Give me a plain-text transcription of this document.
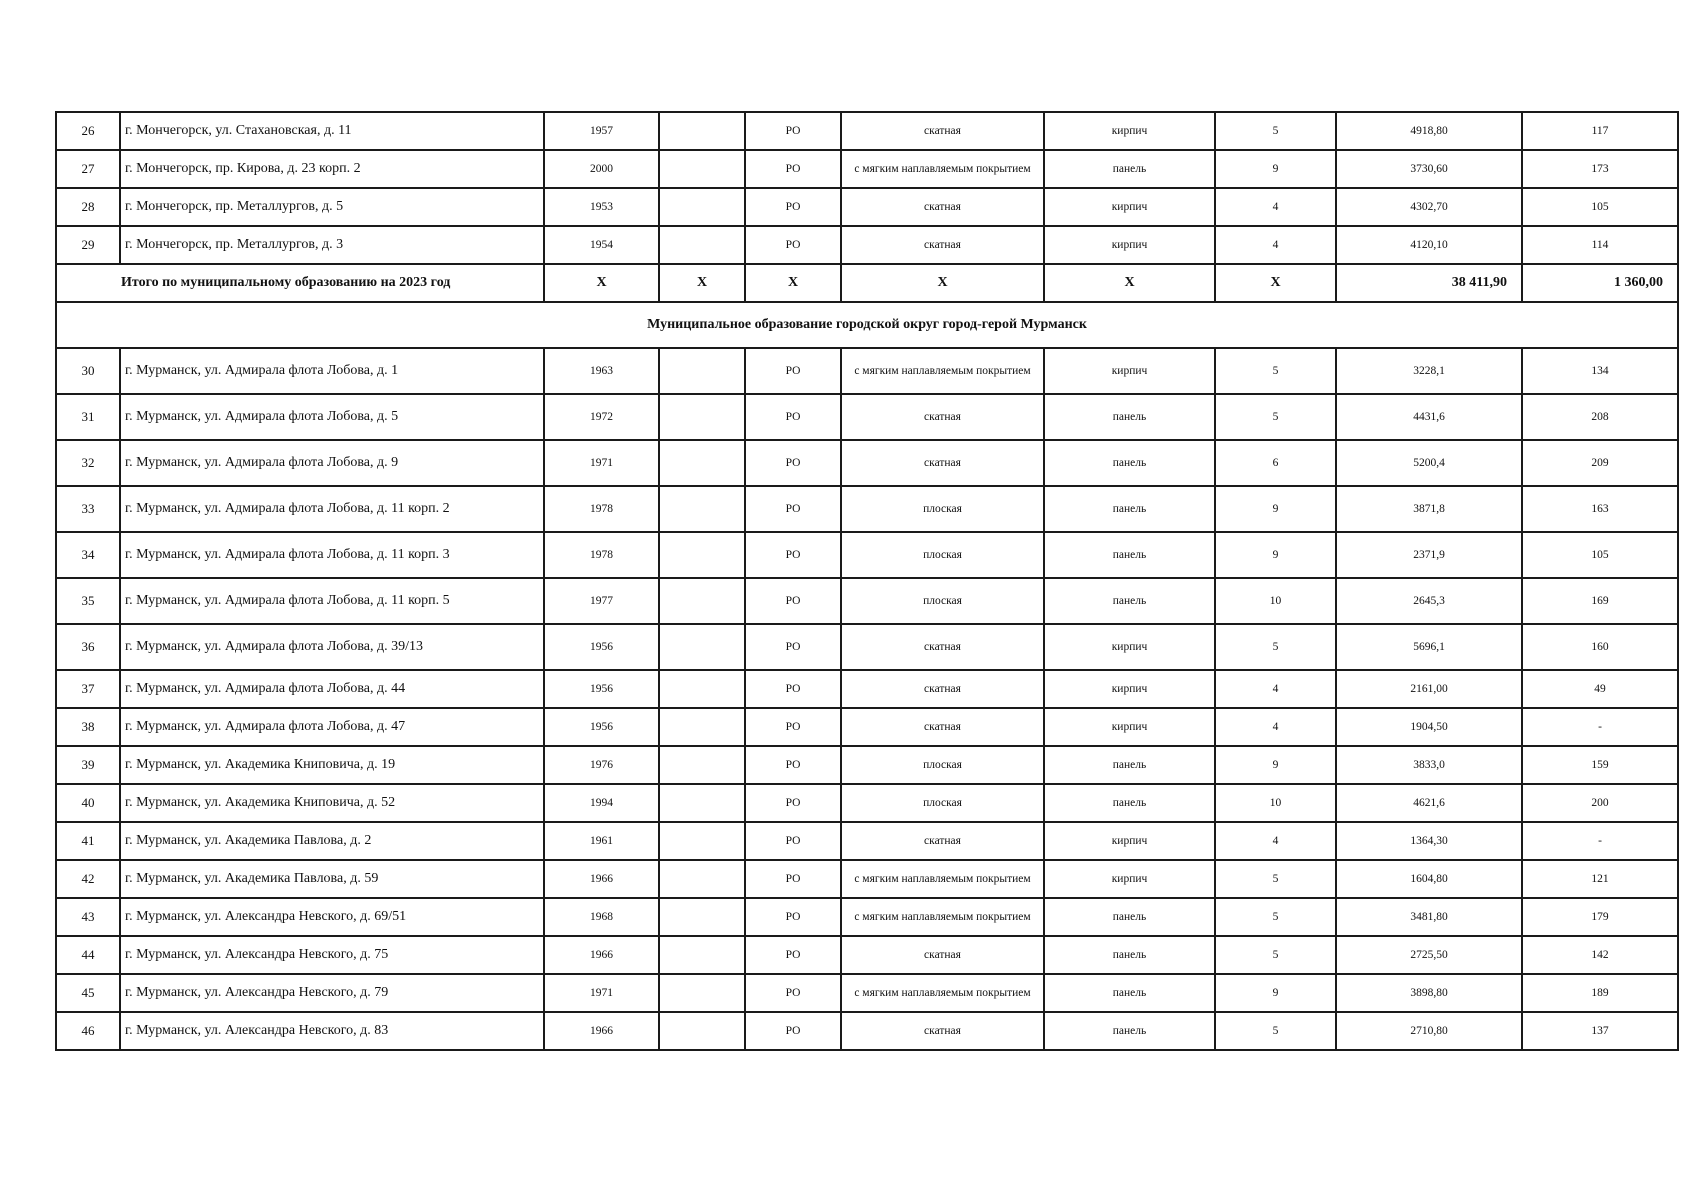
26	г. Мончегорск, ул. Стахановская, д. 11	1957		РО	скатная	кирпич	5	4918,80	117
27	г. Мончегорск, пр. Кирова, д. 23 корп. 2	2000		РО	с мягким наплавляемым покрытием	панель	9	3730,60	173
28	г. Мончегорск, пр. Металлургов, д. 5	1953		РО	скатная	кирпич	4	4302,70	105
29	г. Мончегорск, пр. Металлургов, д. 3	1954		РО	скатная	кирпич	4	4120,10	114
Итого по муниципальному образованию на 2023 год		X	X	X	X	X	X	38 411,90	1 360,00
Муниципальное образование городской округ город-герой Мурманск									
30	г. Мурманск, ул. Адмирала флота Лобова, д. 1	1963		РО	с мягким наплавляемым покрытием	кирпич	5	3228,1	134
31	г. Мурманск, ул. Адмирала флота Лобова, д. 5	1972		РО	скатная	панель	5	4431,6	208
32	г. Мурманск, ул. Адмирала флота Лобова, д. 9	1971		РО	скатная	панель	6	5200,4	209
33	г. Мурманск, ул. Адмирала флота Лобова, д. 11 корп. 2	1978		РО	плоская	панель	9	3871,8	163
34	г. Мурманск, ул. Адмирала флота Лобова, д. 11 корп. 3	1978		РО	плоская	панель	9	2371,9	105
35	г. Мурманск, ул. Адмирала флота Лобова, д. 11 корп. 5	1977		РО	плоская	панель	10	2645,3	169
36	г. Мурманск, ул. Адмирала флота Лобова, д. 39/13	1956		РО	скатная	кирпич	5	5696,1	160
37	г. Мурманск, ул. Адмирала флота Лобова, д. 44	1956		РО	скатная	кирпич	4	2161,00	49
38	г. Мурманск, ул. Адмирала флота Лобова, д. 47	1956		РО	скатная	кирпич	4	1904,50	-
39	г. Мурманск, ул. Академика Книповича, д. 19	1976		РО	плоская	панель	9	3833,0	159
40	г. Мурманск, ул. Академика Книповича, д. 52	1994		РО	плоская	панель	10	4621,6	200
41	г. Мурманск, ул. Академика Павлова, д. 2	1961		РО	скатная	кирпич	4	1364,30	-
42	г. Мурманск, ул. Академика Павлова, д. 59	1966		РО	с мягким наплавляемым покрытием	кирпич	5	1604,80	121
43	г. Мурманск, ул. Александра Невского, д. 69/51	1968		РО	с мягким наплавляемым покрытием	панель	5	3481,80	179
44	г. Мурманск, ул. Александра Невского, д. 75	1966		РО	скатная	панель	5	2725,50	142
45	г. Мурманск, ул. Александра Невского, д. 79	1971		РО	с мягким наплавляемым покрытием	панель	9	3898,80	189
46	г. Мурманск, ул. Александра Невского, д. 83	1966		РО	скатная	панель	5	2710,80	137
